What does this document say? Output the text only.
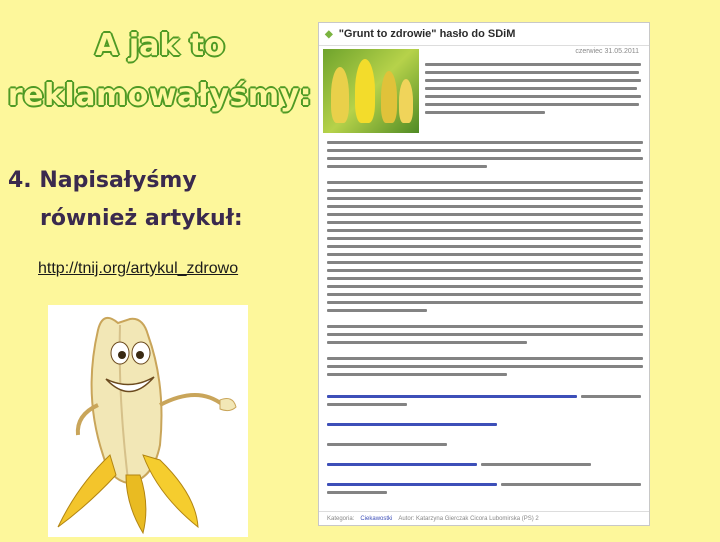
A jak to
reklamowałyśmy:
4. Napisałyśmy
również artykuł:
http://tnij.org/artykul_zdrowo
◆ "Grunt to zdrowie" hasło do SDiM
czerwiec 31.05.2011
Kategoria: Ciekawostki Autor: Katarzyna Gierczak Cicora Lubomirska (PS) 2
